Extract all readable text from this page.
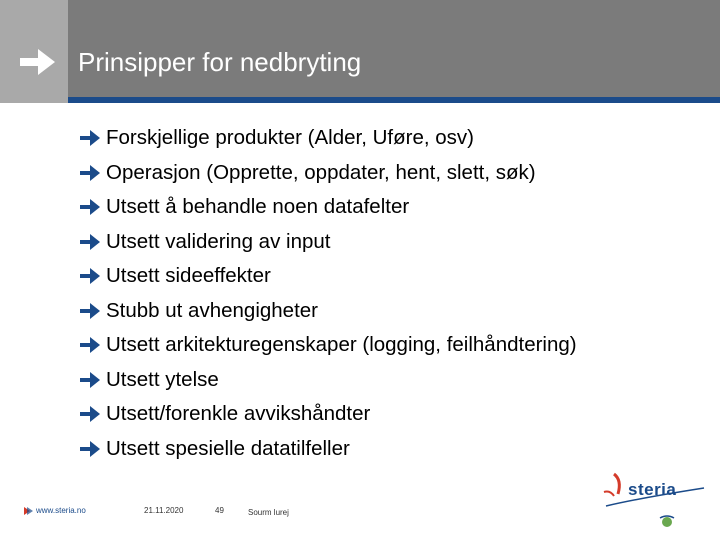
Prinsipper for nedbryting
Forskjellige produkter (Alder, Uføre, osv)
Operasjon (Opprette, oppdater, hent, slett, søk)
Utsett å behandle noen datafelter
Utsett validering av input
Utsett sideeffekter
Stubb ut avhengigheter
Utsett arkitekturegenskaper (logging, feilhåndtering)
Utsett ytelse
Utsett/forenkle avvikshåndter
Utsett spesielle datatilfeller
www.steria.no	21.11.2020	49	Sourm lurej
steria
